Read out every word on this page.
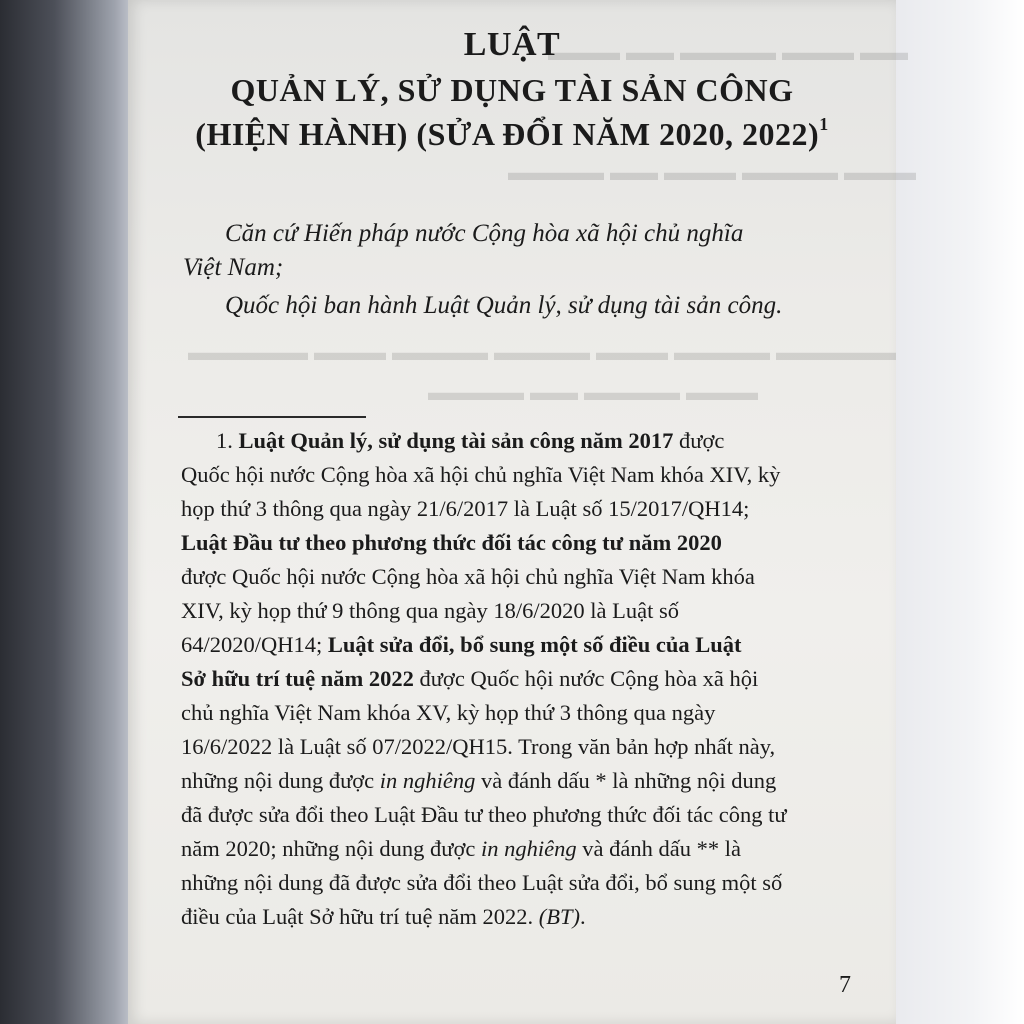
▬▬▬ ▬▬ ▬▬▬▬ ▬▬▬ ▬▬
▬▬▬▬ ▬▬ ▬▬▬ ▬▬▬▬ ▬▬▬
▬▬▬▬▬ ▬▬▬ ▬▬▬▬ ▬▬▬▬ ▬▬▬ ▬▬▬▬ ▬▬▬▬▬
▬▬▬▬ ▬▬ ▬▬▬▬ ▬▬▬
LUẬT
QUẢN LÝ, SỬ DỤNG TÀI SẢN CÔNG
(HIỆN HÀNH) (SỬA ĐỔI NĂM 2020, 2022)$^1$
Căn cứ Hiến pháp nước Cộng hòa xã hội chủ nghĩa
Việt Nam;
Quốc hội ban hành Luật Quản lý, sử dụng tài sản công.
1. Luật Quản lý, sử dụng tài sản công năm 2017 được
Quốc hội nước Cộng hòa xã hội chủ nghĩa Việt Nam khóa XIV, kỳ
họp thứ 3 thông qua ngày 21/6/2017 là Luật số 15/2017/QH14;
Luật Đầu tư theo phương thức đối tác công tư năm 2020
được Quốc hội nước Cộng hòa xã hội chủ nghĩa Việt Nam khóa
XIV, kỳ họp thứ 9 thông qua ngày 18/6/2020 là Luật số
64/2020/QH14; Luật sửa đổi, bổ sung một số điều của Luật
Sở hữu trí tuệ năm 2022 được Quốc hội nước Cộng hòa xã hội
chủ nghĩa Việt Nam khóa XV, kỳ họp thứ 3 thông qua ngày
16/6/2022 là Luật số 07/2022/QH15. Trong văn bản hợp nhất này,
những nội dung được in nghiêng và đánh dấu * là những nội dung
đã được sửa đổi theo Luật Đầu tư theo phương thức đối tác công tư
năm 2020; những nội dung được in nghiêng và đánh dấu ** là
những nội dung đã được sửa đổi theo Luật sửa đổi, bổ sung một số
điều của Luật Sở hữu trí tuệ năm 2022. (BT).
7
